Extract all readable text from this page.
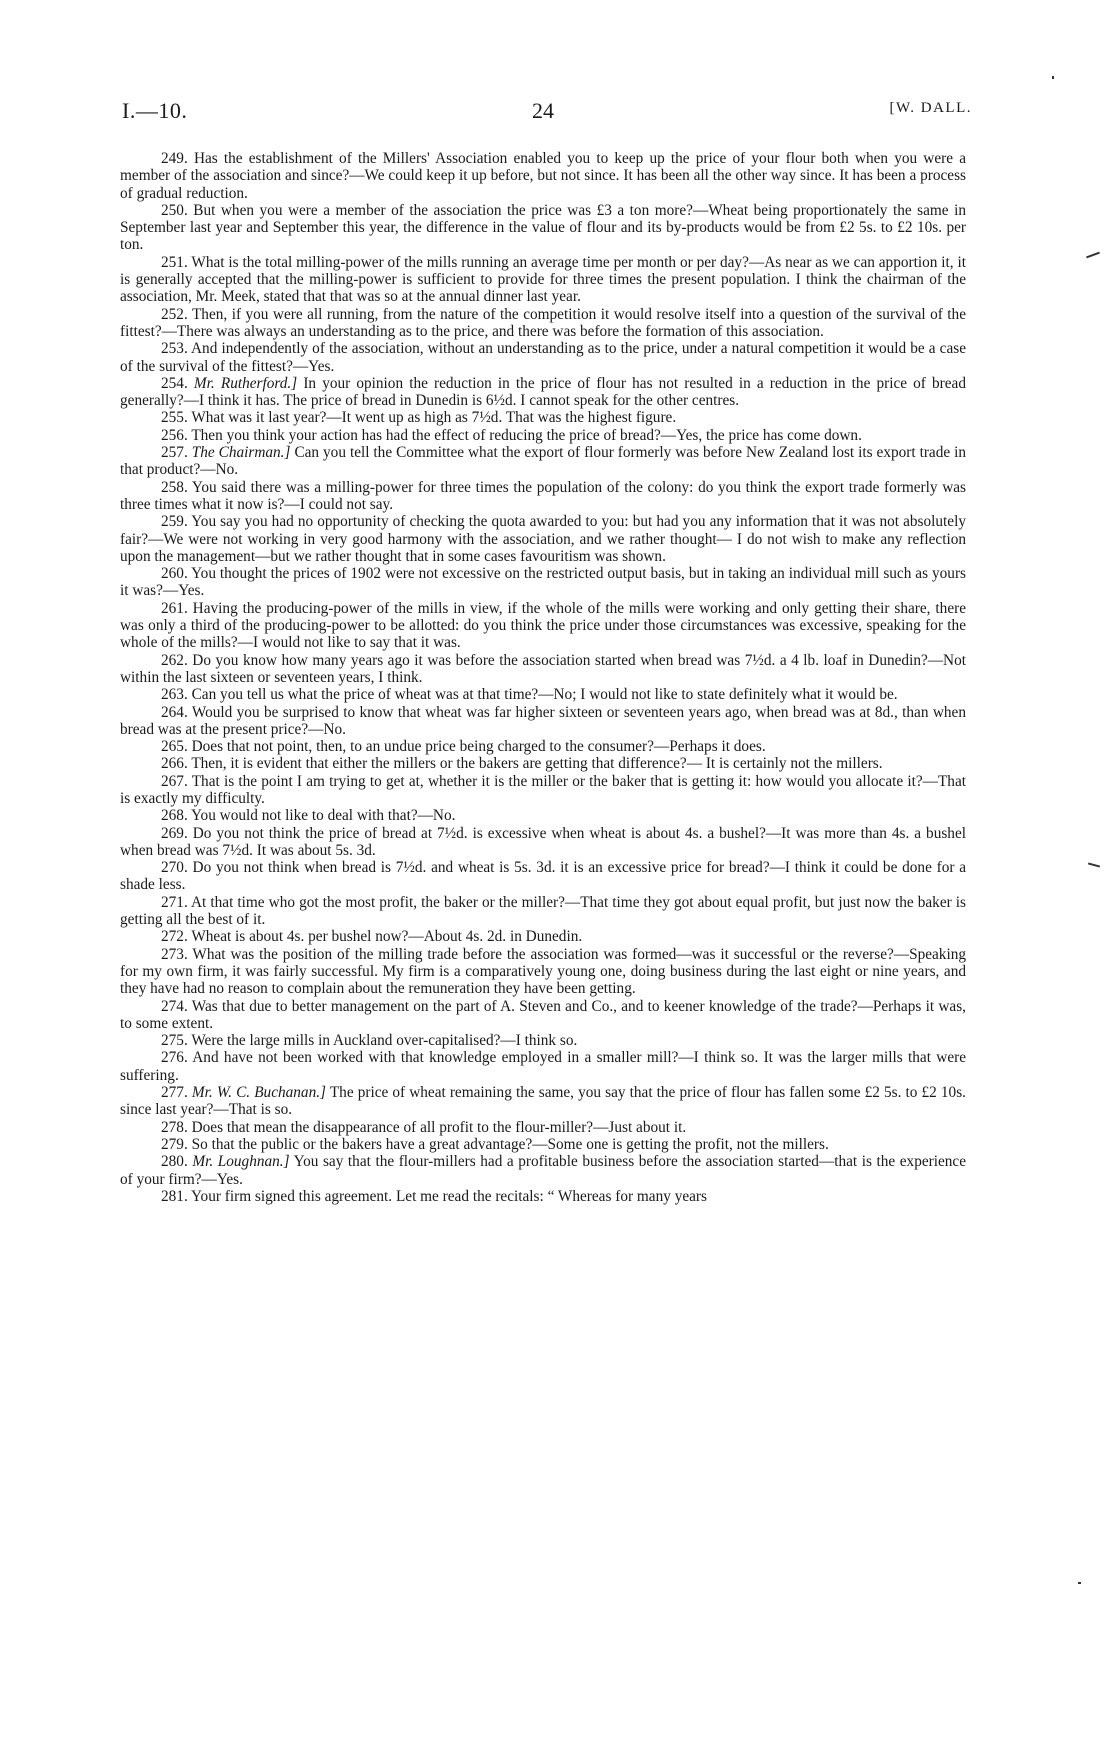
I.—10.	24	[W. DALL.

249. Has the establishment of the Millers' Association enabled you to keep up the price of your flour both when you were a member of the association and since?—We could keep it up before, but not since. It has been all the other way since. It has been a process of gradual reduction.

250. But when you were a member of the association the price was £3 a ton more?—Wheat being proportionately the same in September last year and September this year, the difference in the value of flour and its by-products would be from £2 5s. to £2 10s. per ton.

251. What is the total milling-power of the mills running an average time per month or per day?—As near as we can apportion it, it is generally accepted that the milling-power is sufficient to provide for three times the present population. I think the chairman of the association, Mr. Meek, stated that that was so at the annual dinner last year.

252. Then, if you were all running, from the nature of the competition it would resolve itself into a question of the survival of the fittest?—There was always an understanding as to the price, and there was before the formation of this association.

253. And independently of the association, without an understanding as to the price, under a natural competition it would be a case of the survival of the fittest?—Yes.

254. Mr. Rutherford.] In your opinion the reduction in the price of flour has not resulted in a reduction in the price of bread generally?—I think it has. The price of bread in Dunedin is 6½d. I cannot speak for the other centres.

255. What was it last year?—It went up as high as 7½d. That was the highest figure.

256. Then you think your action has had the effect of reducing the price of bread?—Yes, the price has come down.

257. The Chairman.] Can you tell the Committee what the export of flour formerly was before New Zealand lost its export trade in that product?—No.

258. You said there was a milling-power for three times the population of the colony: do you think the export trade formerly was three times what it now is?—I could not say.

259. You say you had no opportunity of checking the quota awarded to you: but had you any information that it was not absolutely fair?—We were not working in very good harmony with the association, and we rather thought— I do not wish to make any reflection upon the management—but we rather thought that in some cases favouritism was shown.

260. You thought the prices of 1902 were not excessive on the restricted output basis, but in taking an individual mill such as yours it was?—Yes.

261. Having the producing-power of the mills in view, if the whole of the mills were working and only getting their share, there was only a third of the producing-power to be allotted: do you think the price under those circumstances was excessive, speaking for the whole of the mills?—I would not like to say that it was.

262. Do you know how many years ago it was before the association started when bread was 7½d. a 4 lb. loaf in Dunedin?—Not within the last sixteen or seventeen years, I think.

263. Can you tell us what the price of wheat was at that time?—No; I would not like to state definitely what it would be.

264. Would you be surprised to know that wheat was far higher sixteen or seventeen years ago, when bread was at 8d., than when bread was at the present price?—No.

265. Does that not point, then, to an undue price being charged to the consumer?—Perhaps it does.

266. Then, it is evident that either the millers or the bakers are getting that difference?— It is certainly not the millers.

267. That is the point I am trying to get at, whether it is the miller or the baker that is getting it: how would you allocate it?—That is exactly my difficulty.

268. You would not like to deal with that?—No.

269. Do you not think the price of bread at 7½d. is excessive when wheat is about 4s. a bushel?—It was more than 4s. a bushel when bread was 7½d. It was about 5s. 3d.

270. Do you not think when bread is 7½d. and wheat is 5s. 3d. it is an excessive price for bread?—I think it could be done for a shade less.

271. At that time who got the most profit, the baker or the miller?—That time they got about equal profit, but just now the baker is getting all the best of it.

272. Wheat is about 4s. per bushel now?—About 4s. 2d. in Dunedin.

273. What was the position of the milling trade before the association was formed—was it successful or the reverse?—Speaking for my own firm, it was fairly successful. My firm is a comparatively young one, doing business during the last eight or nine years, and they have had no reason to complain about the remuneration they have been getting.

274. Was that due to better management on the part of A. Steven and Co., and to keener knowledge of the trade?—Perhaps it was, to some extent.

275. Were the large mills in Auckland over-capitalised?—I think so.

276. And have not been worked with that knowledge employed in a smaller mill?—I think so. It was the larger mills that were suffering.

277. Mr. W. C. Buchanan.] The price of wheat remaining the same, you say that the price of flour has fallen some £2 5s. to £2 10s. since last year?—That is so.

278. Does that mean the disappearance of all profit to the flour-miller?—Just about it.

279. So that the public or the bakers have a great advantage?—Some one is getting the profit, not the millers.

280. Mr. Loughnan.] You say that the flour-millers had a profitable business before the association started—that is the experience of your firm?—Yes.

281. Your firm signed this agreement. Let me read the recitals: “ Whereas for many years
